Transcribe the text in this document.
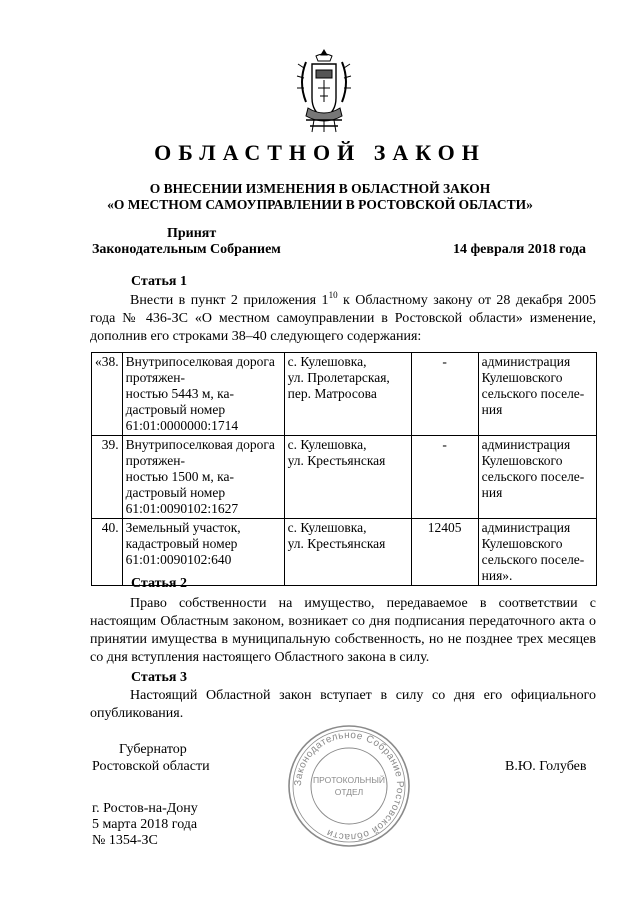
ОБЛАСТНОЙ ЗАКОН
О ВНЕСЕНИИ ИЗМЕНЕНИЯ В ОБЛАСТНОЙ ЗАКОН
«О МЕСТНОМ САМОУПРАВЛЕНИИ В РОСТОВСКОЙ ОБЛАСТИ»
Принят
Законодательным Собранием	14 февраля 2018 года
Статья 1
Внести в пункт 2 приложения $1^{10}$ к Областному закону от 28 декабря 2005 года № 436-ЗС «О местном самоуправлении в Ростовской области» изменение, дополнив его строками 38–40 следующего содержания:
«38.	Внутрипоселковая дорога протяжен-
ностью 5443 м, ка-
дастровый номер
61:01:0000000:1714	с. Кулешовка,
ул. Пролетарская,
пер. Матросова	-	администрация
Кулешовского
сельского поселе-
ния
39.	Внутрипоселковая дорога протяжен-
ностью 1500 м, ка-
дастровый номер
61:01:0090102:1627	с. Кулешовка,
ул. Крестьянская	-	администрация
Кулешовского
сельского поселе-
ния
40.	Земельный участок,
кадастровый номер
61:01:0090102:640	с. Кулешовка,
ул. Крестьянская	12405	администрация
Кулешовского
сельского поселе-
ния».
Статья 2
Право собственности на имущество, передаваемое в соответствии с настоящим Областным законом, возникает со дня подписания передаточного акта о принятии имущества в муниципальную собственность, но не позднее трех месяцев со дня вступления настоящего Областного закона в силу.
Статья 3
Настоящий Областной закон вступает в силу со дня его официального опубликования.
Губернатор
Ростовской области	В.Ю. Голубев
г. Ростов-на-Дону
5 марта 2018 года
№ 1354-ЗС
Законодательное Собрание Ростовской области
ПРОТОКОЛЬНЫЙ
ОТДЕЛ
